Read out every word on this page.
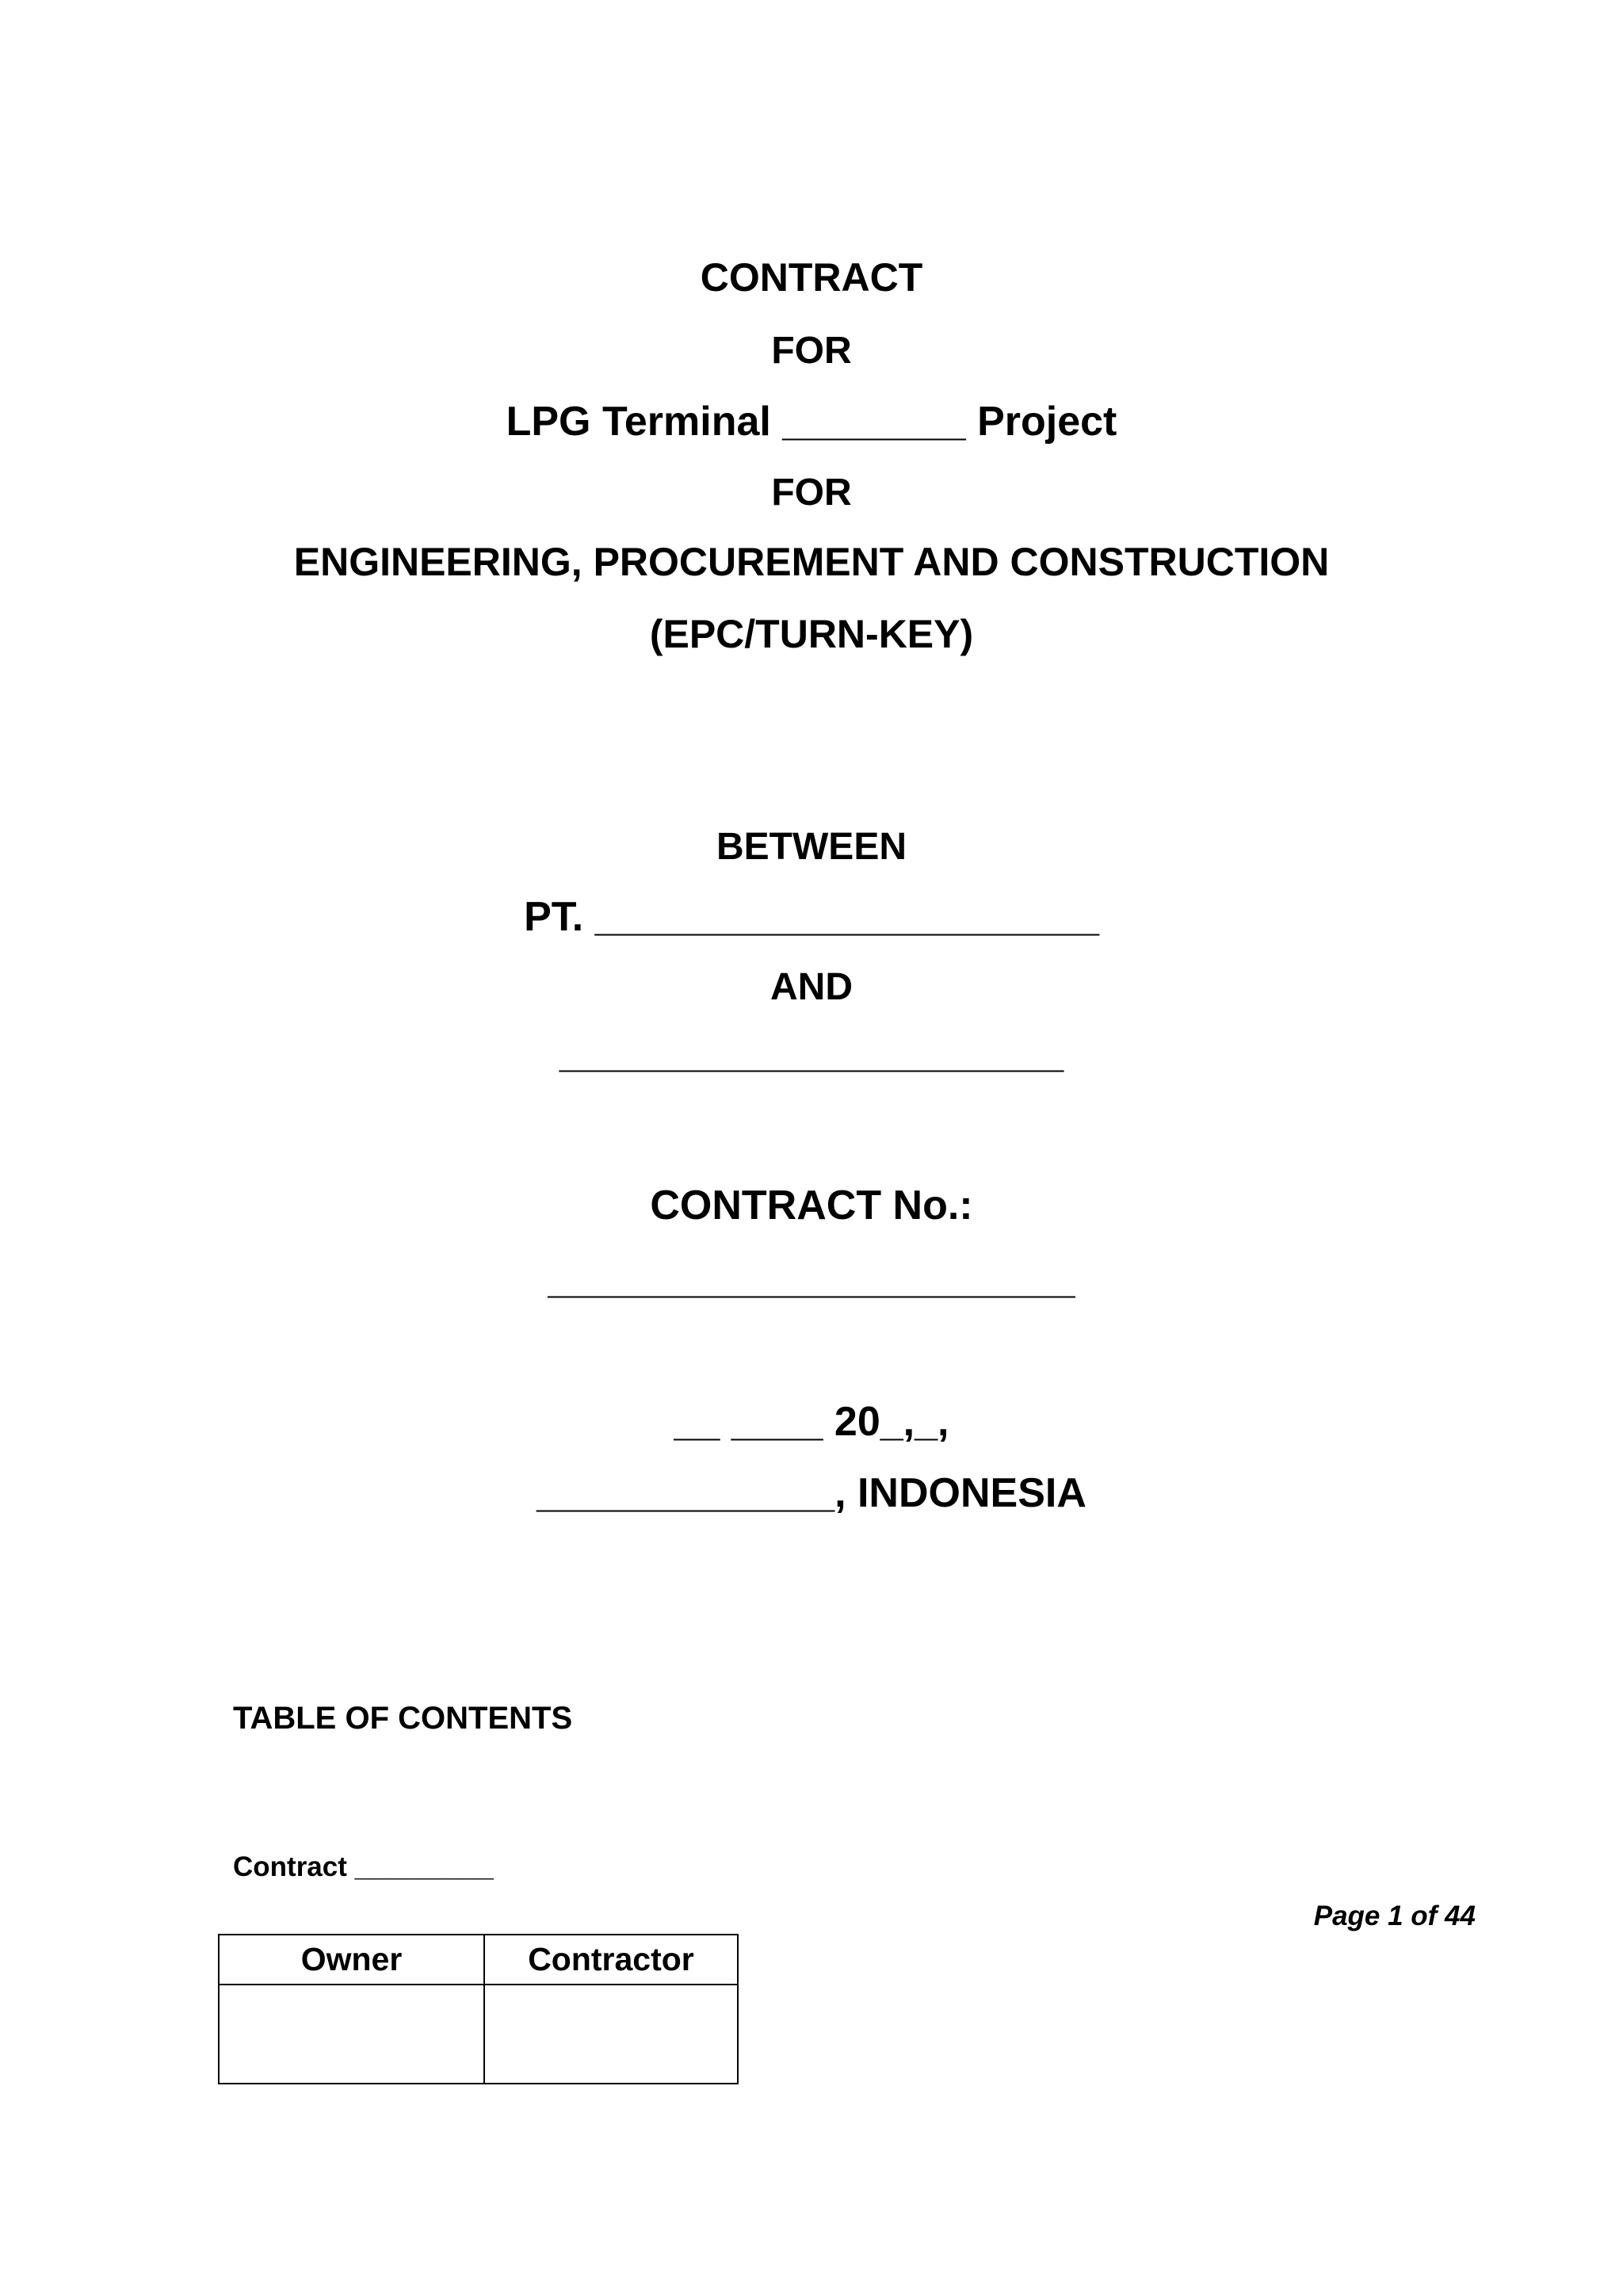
CONTRACT
FOR
LPG Terminal ________ Project
FOR
ENGINEERING, PROCUREMENT AND CONSTRUCTION
(EPC/TURN-KEY)
BETWEEN
PT. ______________________
AND
______________________
CONTRACT No.:
_______________________
__ ____ 20_,_,
_____________, INDONESIA
TABLE OF CONTENTS
Contract _________
Page 1 of 44
Owner	Contractor
